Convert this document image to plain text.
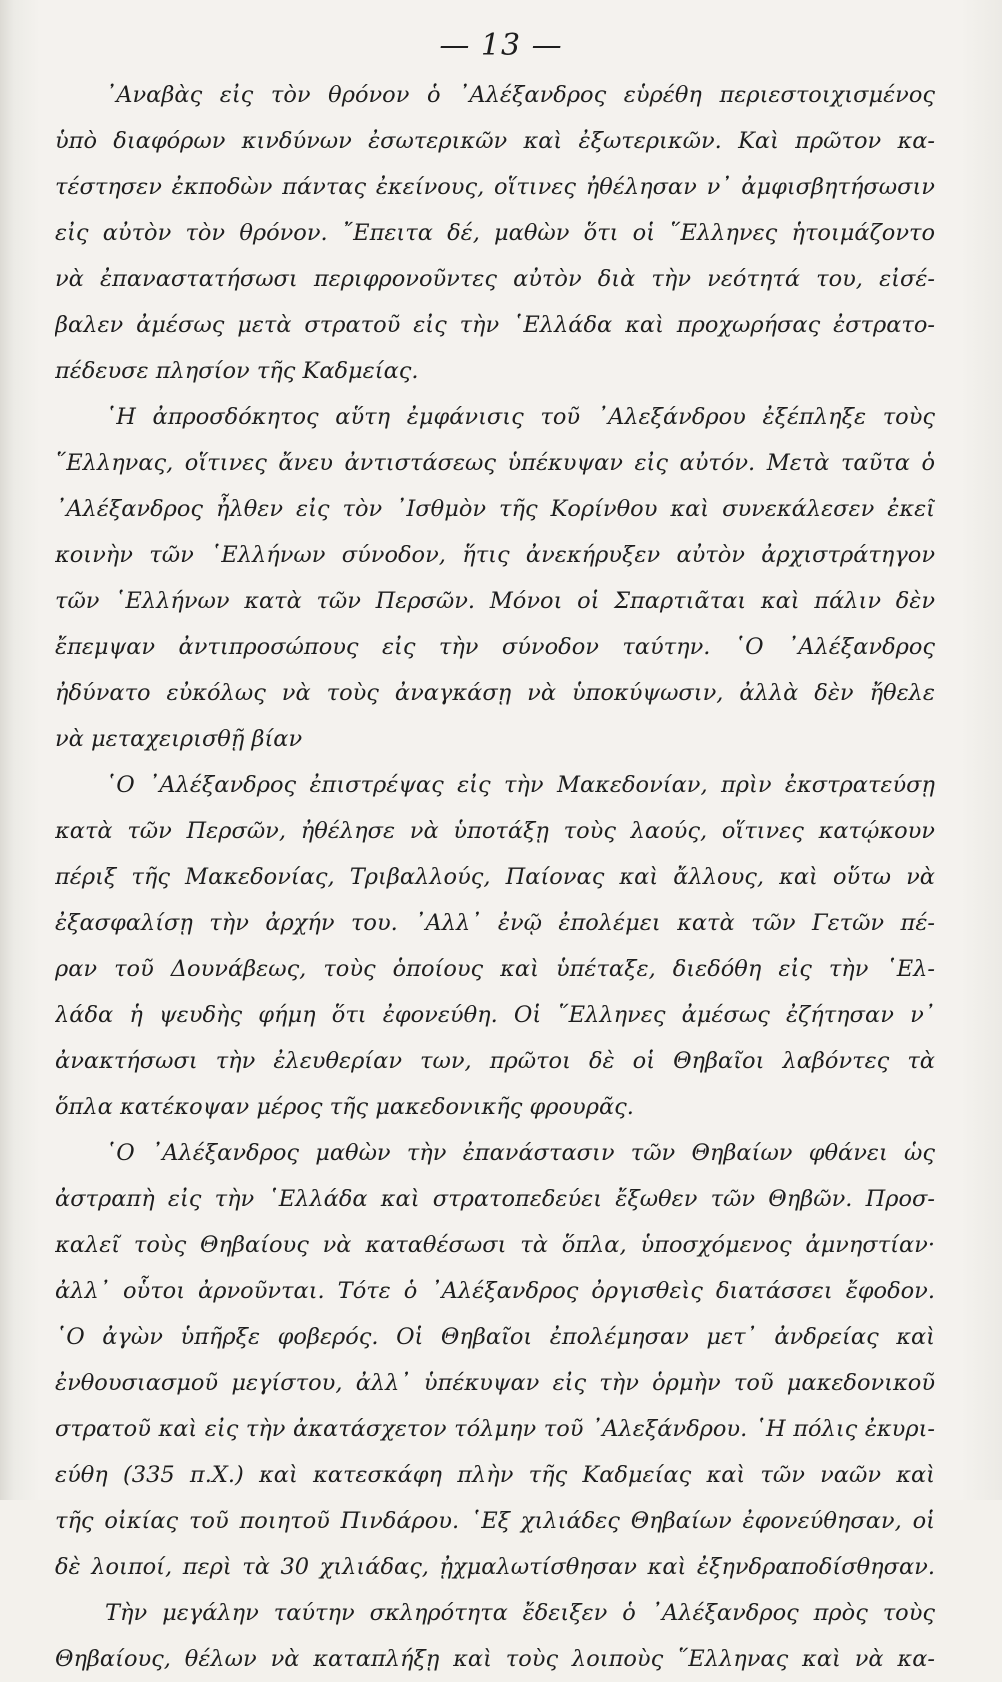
— 13 —
᾿Αναβὰς εἰς τὸν θρόνον ὁ ᾿Αλέξανδρος εὑρέθη περιεστοιχισμένος
ὑπὸ διαφόρων κινδύνων ἐσωτερικῶν καὶ ἐξωτερικῶν. Καὶ πρῶτον κα-
τέστησεν ἐκποδὼν πάντας ἐκείνους, οἵτινες ἠθέλησαν ν᾿ ἀμφισβητήσωσιν
εἰς αὐτὸν τὸν θρόνον. ῎Επειτα δέ, μαθὼν ὅτι οἱ ῞Ελληνες ἡτοιμάζοντο
νὰ ἐπαναστατήσωσι περιφρονοῦντες αὐτὸν διὰ τὴν νεότητά του, εἰσέ-
βαλεν ἀμέσως μετὰ στρατοῦ εἰς τὴν ῾Ελλάδα καὶ προχωρήσας ἐστρατο-
πέδευσε πλησίον τῆς Καδμείας.
῾Η ἀπροσδόκητος αὕτη ἐμφάνισις τοῦ ᾿Αλεξάνδρου ἐξέπληξε τοὺς
῞Ελληνας, οἵτινες ἄνευ ἀντιστάσεως ὑπέκυψαν εἰς αὐτόν. Μετὰ ταῦτα ὁ
᾿Αλέξανδρος ἦλθεν εἰς τὸν ᾿Ισθμὸν τῆς Κορίνθου καὶ συνεκάλεσεν ἐκεῖ
κοινὴν τῶν ῾Ελλήνων σύνοδον, ἥτις ἀνεκήρυξεν αὐτὸν ἀρχιστράτηγον
τῶν ῾Ελλήνων κατὰ τῶν Περσῶν. Μόνοι οἱ Σπαρτιᾶται καὶ πάλιν δὲν
ἔπεμψαν ἀντιπροσώπους εἰς τὴν σύνοδον ταύτην. ῾Ο ᾿Αλέξανδρος
ἠδύνατο εὐκόλως νὰ τοὺς ἀναγκάσῃ νὰ ὑποκύψωσιν, ἀλλὰ δὲν ἤθελε
νὰ μεταχειρισθῇ βίαν
῾Ο ᾿Αλέξανδρος ἐπιστρέψας εἰς τὴν Μακεδονίαν, πρὶν ἐκστρατεύσῃ
κατὰ τῶν Περσῶν, ἠθέλησε νὰ ὑποτάξῃ τοὺς λαούς, οἵτινες κατῴκουν
πέριξ τῆς Μακεδονίας, Τριβαλλούς, Παίονας καὶ ἄλλους, καὶ οὕτω νὰ
ἐξασφαλίσῃ τὴν ἀρχήν του. ᾿Αλλ᾿ ἐνῷ ἐπολέμει κατὰ τῶν Γετῶν πέ-
ραν τοῦ Δουνάβεως, τοὺς ὁποίους καὶ ὑπέταξε, διεδόθη εἰς τὴν ῾Ελ-
λάδα ἡ ψευδὴς φήμη ὅτι ἐφονεύθη. Οἱ ῞Ελληνες ἀμέσως ἐζήτησαν ν᾿
ἀνακτήσωσι τὴν ἐλευθερίαν των, πρῶτοι δὲ οἱ Θηβαῖοι λαβόντες τὰ
ὅπλα κατέκοψαν μέρος τῆς μακεδονικῆς φρουρᾶς.
῾Ο ᾿Αλέξανδρος μαθὼν τὴν ἐπανάστασιν τῶν Θηβαίων φθάνει ὡς
ἀστραπὴ εἰς τὴν ῾Ελλάδα καὶ στρατοπεδεύει ἔξωθεν τῶν Θηβῶν. Προσ-
καλεῖ τοὺς Θηβαίους νὰ καταθέσωσι τὰ ὅπλα, ὑποσχόμενος ἀμνηστίαν·
ἀλλ᾿ οὗτοι ἀρνοῦνται. Τότε ὁ ᾿Αλέξανδρος ὀργισθεὶς διατάσσει ἔφοδον.
῾Ο ἀγὼν ὑπῆρξε φοβερός. Οἱ Θηβαῖοι ἐπολέμησαν μετ᾿ ἀνδρείας καὶ
ἐνθουσιασμοῦ μεγίστου, ἀλλ᾿ ὑπέκυψαν εἰς τὴν ὁρμὴν τοῦ μακεδονικοῦ
στρατοῦ καὶ εἰς τὴν ἀκατάσχετον τόλμην τοῦ ᾿Αλεξάνδρου. ῾Η πόλις ἐκυρι-
εύθη (335 π.Χ.) καὶ κατεσκάφη πλὴν τῆς Καδμείας καὶ τῶν ναῶν καὶ
τῆς οἰκίας τοῦ ποιητοῦ Πινδάρου. ῾Εξ χιλιάδες Θηβαίων ἐφονεύθησαν, οἱ
δὲ λοιποί, περὶ τὰ 30 χιλιάδας, ᾐχμαλωτίσθησαν καὶ ἐξηνδραποδίσθησαν.
Τὴν μεγάλην ταύτην σκληρότητα ἔδειξεν ὁ ᾿Αλέξανδρος πρὸς τοὺς
Θηβαίους, θέλων νὰ καταπλήξῃ καὶ τοὺς λοιποὺς ῞Ελληνας καὶ νὰ κα-
